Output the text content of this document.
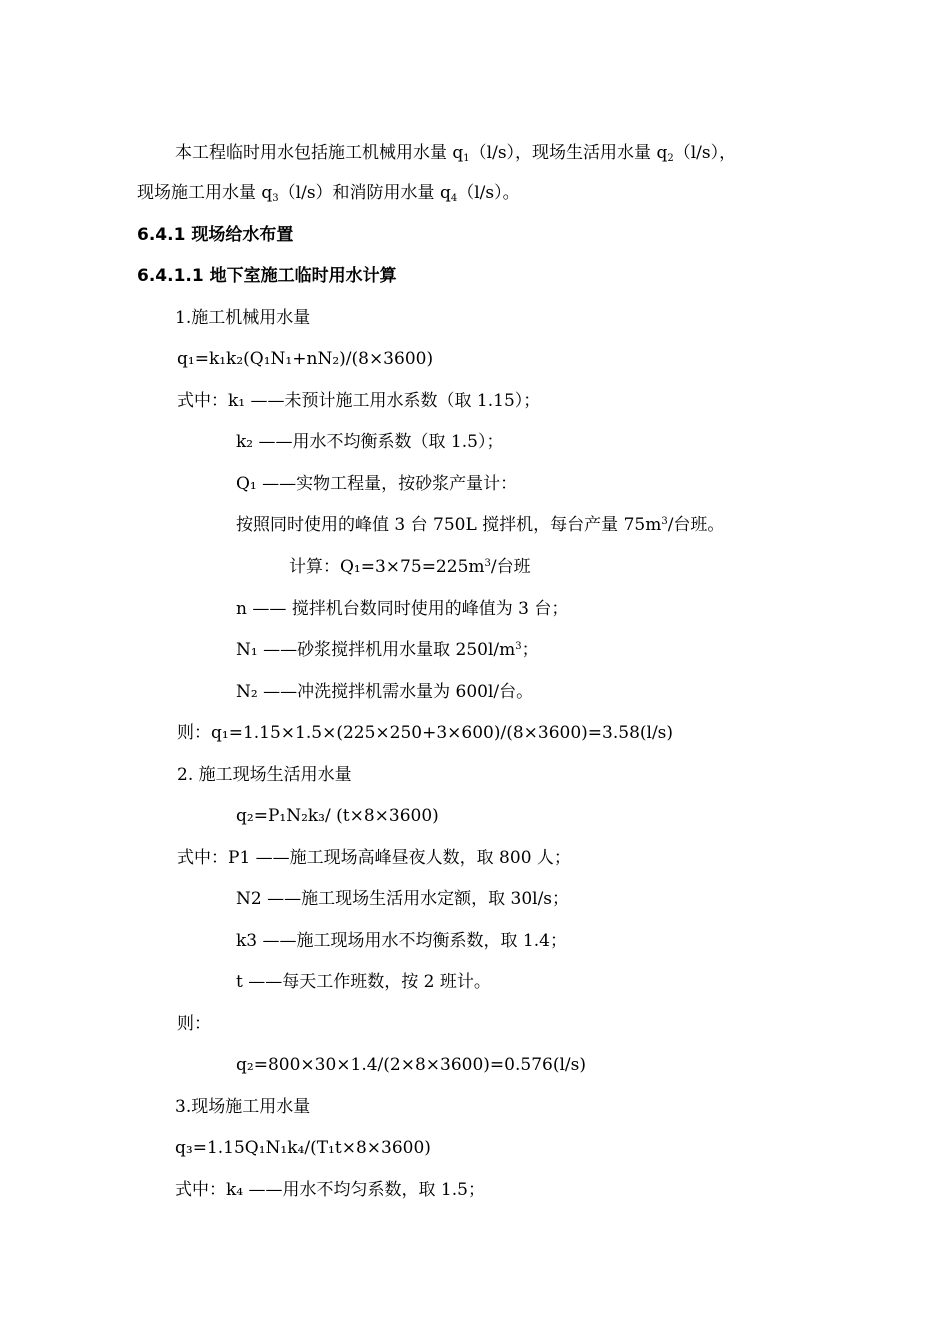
本工程临时用水包括施工机械用水量 $q_1(l/s)$，现场生活用水量 $q_2(l/s)$，
现场施工用水量 $q_3(l/s)$和消防用水量 $q_4(l/s)$。
6.4.1 现场给水布置
6.4.1.1 地下室施工临时用水计算
1.施工机械用水量
q₁=k₁k₂(Q₁N₁+nN₂)/(8×3600)
式中：k₁ ——未预计施工用水系数（取 1.15）；
k₂ ——用水不均衡系数（取 1.5）；
Q₁ ——实物工程量，按砂浆产量计：
按照同时使用的峰值 3 台 750L 搅拌机，每台产量 $75m^3/$台班。
计算：$Q_1=3\times 75=225m^3/$台班
n —— 搅拌机台数同时使用的峰值为 3 台；
N₁ ——砂浆搅拌机用水量取 $250l/m^3$；
N₂ ——冲洗搅拌机需水量为 600l/台。
则：q₁=1.15×1.5×(225×250+3×600)/(8×3600)=3.58(l/s)
2. 施工现场生活用水量
q₂=P₁N₂k₃/ (t×8×3600)
式中：P1 ——施工现场高峰昼夜人数，取 800 人；
N2 ——施工现场生活用水定额，取 30l/s；
k3 ——施工现场用水不均衡系数，取 1.4；
t ——每天工作班数，按 2 班计。
则：
q₂=800×30×1.4/(2×8×3600)=0.576(l/s)
3.现场施工用水量
q₃=1.15Q₁N₁k₄/(T₁t×8×3600)
式中：k₄ ——用水不均匀系数，取 1.5；
